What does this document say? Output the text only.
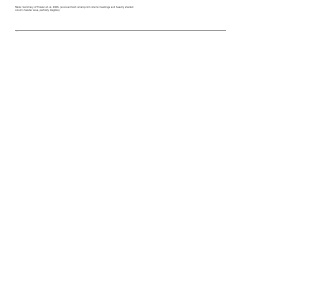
Table: Summary of Fowler et. al. 2006. (scanned text: small-print column headings and heavily shaded column header area, partially illegible)

Agila	30	1	NO78N	2006	Pl. NMF	NMS		6.0													
